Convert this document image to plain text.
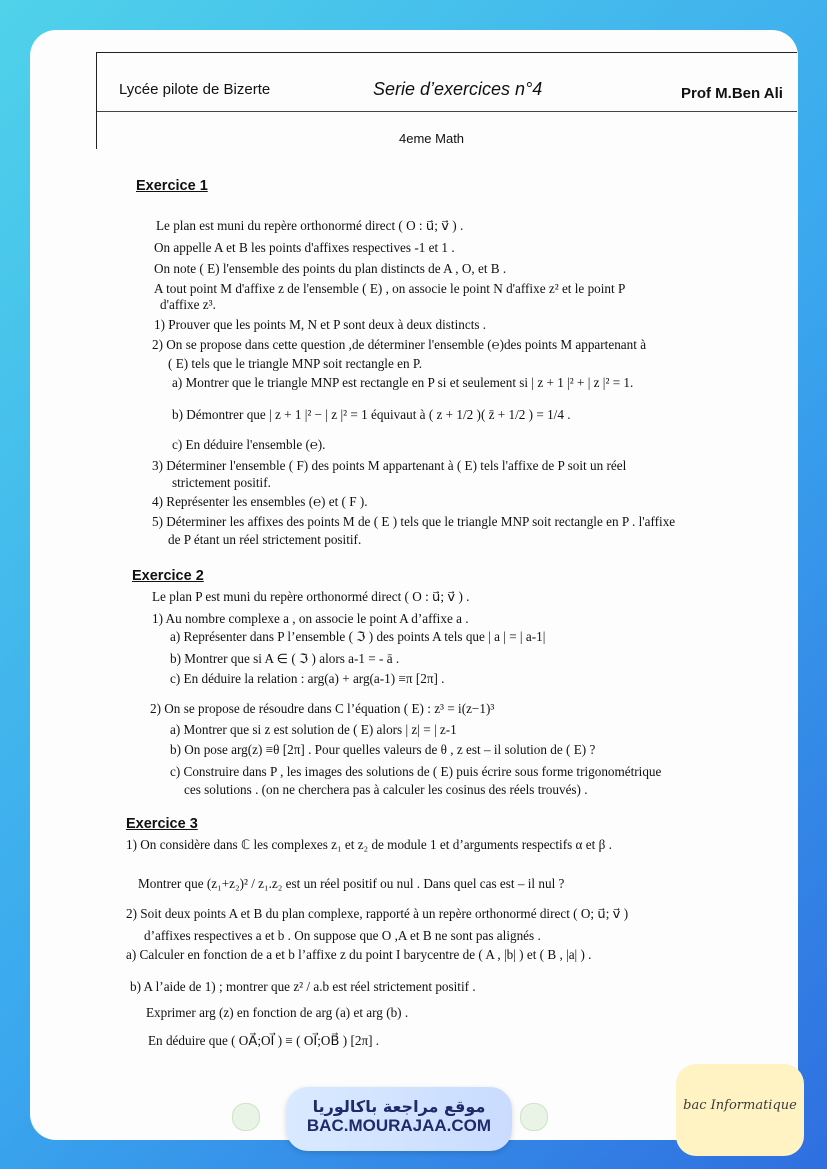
Lycée pilote de Bizerte	Serie d’exercices n°4	Prof M.Ben Ali
4eme Math
Exercice 1
Le plan est muni du repère orthonormé direct ( O : u⃗; v⃗ ) .
On appelle A et B les points d'affixes respectives -1 et 1 .
On note ( E) l'ensemble des points du plan distincts de A , O, et B .
A tout point M d'affixe z de l'ensemble ( E) , on associe le point N d'affixe z² et le point P
d'affixe z³.
1) Prouver que les points M, N et P sont deux à deux distincts .
2) On se propose dans cette question ,de déterminer l'ensemble (℮)des points M appartenant à
( E) tels que le triangle MNP soit rectangle en P.
a) Montrer que le triangle MNP est rectangle en P si et seulement si | z + 1 |² + | z |² = 1.
b) Démontrer que | z + 1 |² − | z |² = 1 équivaut à ( z + 1/2 )( z̄ + 1/2 ) = 1/4 .
c) En déduire l'ensemble (℮).
3) Déterminer l'ensemble ( F) des points M appartenant à ( E) tels l'affixe de P soit un réel
strictement positif.
4) Représenter les ensembles (℮) et ( F ).
5) Déterminer les affixes des points M de ( E ) tels que le triangle MNP soit rectangle en P . l'affixe
de P étant un réel strictement positif.
Exercice 2
Le plan P est muni du repère orthonormé direct ( O : u⃗; v⃗ ) .
1) Au nombre complexe a , on associe le point A d’affixe a .
a) Représenter dans P l’ensemble ( ℑ ) des points A tels que | a | = | a-1|
b) Montrer que si A ∈ ( ℑ ) alors a-1 = - ā .
c) En déduire la relation : arg(a) + arg(a-1) ≡π [2π] .
2) On se propose de résoudre dans C l’équation ( E) : z³ = i(z−1)³
a) Montrer que si z est solution de ( E) alors | z| = | z-1
b) On pose arg(z) ≡θ [2π] . Pour quelles valeurs de θ , z est – il solution de ( E) ?
c) Construire dans P , les images des solutions de ( E) puis écrire sous forme trigonométrique
ces solutions . (on ne cherchera pas à calculer les cosinus des réels trouvés) .
Exercice 3
1) On considère dans ℂ les complexes z₁ et z₂ de module 1 et d’arguments respectifs α et β .
Montrer que (z₁+z₂)² / z₁.z₂ est un réel positif ou nul . Dans quel cas est – il nul ?
2) Soit deux points A et B du plan complexe, rapporté à un repère orthonormé direct ( O; u⃗; v⃗ )
d’affixes respectives a et b . On suppose que O ,A et B ne sont pas alignés .
a) Calculer en fonction de a et b l’affixe z du point I barycentre de ( A , |b| ) et ( B , |a| ) .
b) A l’aide de 1) ; montrer que z² / a.b est réel strictement positif .
Exprimer arg (z) en fonction de arg (a) et arg (b) .
En déduire que ( OA⃗;OI⃗ ) ≡ ( OI⃗;OB⃗ ) [2π] .
موقع مراجعة باكالوريا
BAC.MOURAJAA.COM
bac Informatique
